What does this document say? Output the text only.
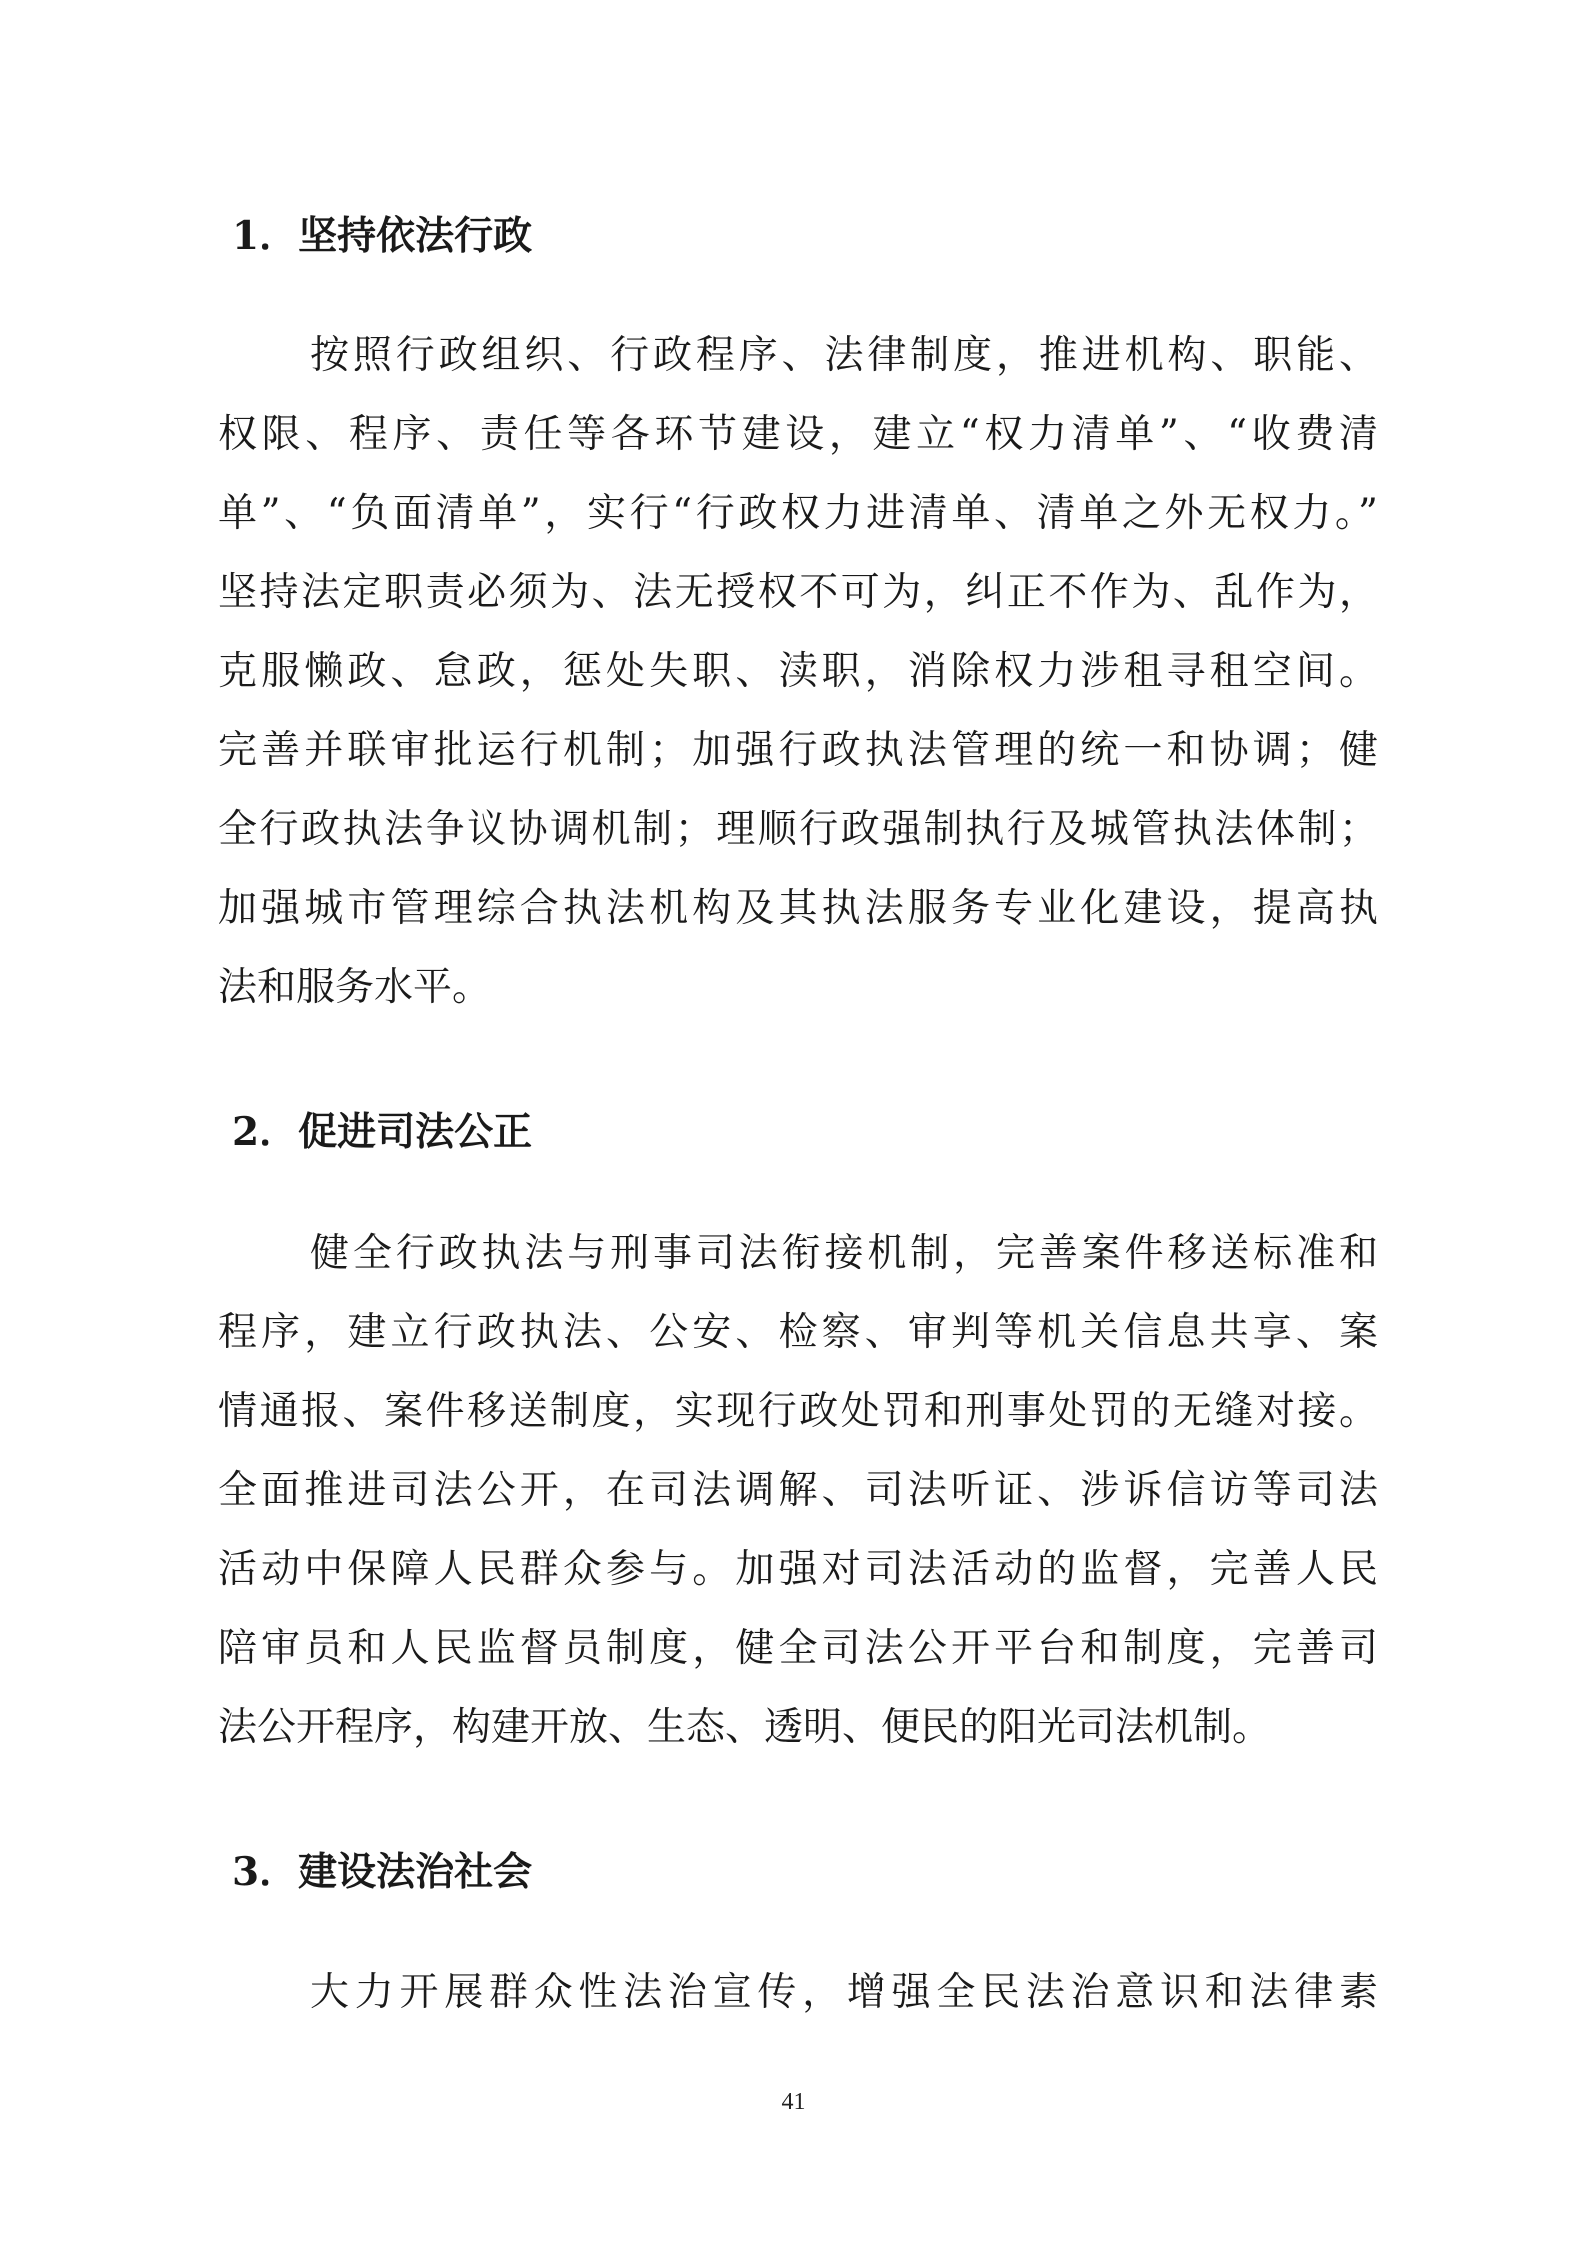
1．坚持依法行政
按照行政组织、行政程序、法律制度，推进机构、职能、
权限、程序、责任等各环节建设，建立“权力清单”、“收费清
单”、“负面清单”，实行“行政权力进清单、清单之外无权力。”
坚持法定职责必须为、法无授权不可为，纠正不作为、乱作为，
克服懒政、怠政，惩处失职、渎职，消除权力涉租寻租空间。
完善并联审批运行机制；加强行政执法管理的统一和协调；健
全行政执法争议协调机制；理顺行政强制执行及城管执法体制；
加强城市管理综合执法机构及其执法服务专业化建设，提高执
法和服务水平。
2．促进司法公正
健全行政执法与刑事司法衔接机制，完善案件移送标准和
程序，建立行政执法、公安、检察、审判等机关信息共享、案
情通报、案件移送制度，实现行政处罚和刑事处罚的无缝对接。
全面推进司法公开，在司法调解、司法听证、涉诉信访等司法
活动中保障人民群众参与。加强对司法活动的监督，完善人民
陪审员和人民监督员制度，健全司法公开平台和制度，完善司
法公开程序，构建开放、生态、透明、便民的阳光司法机制。
3．建设法治社会
大力开展群众性法治宣传，增强全民法治意识和法律素
41
